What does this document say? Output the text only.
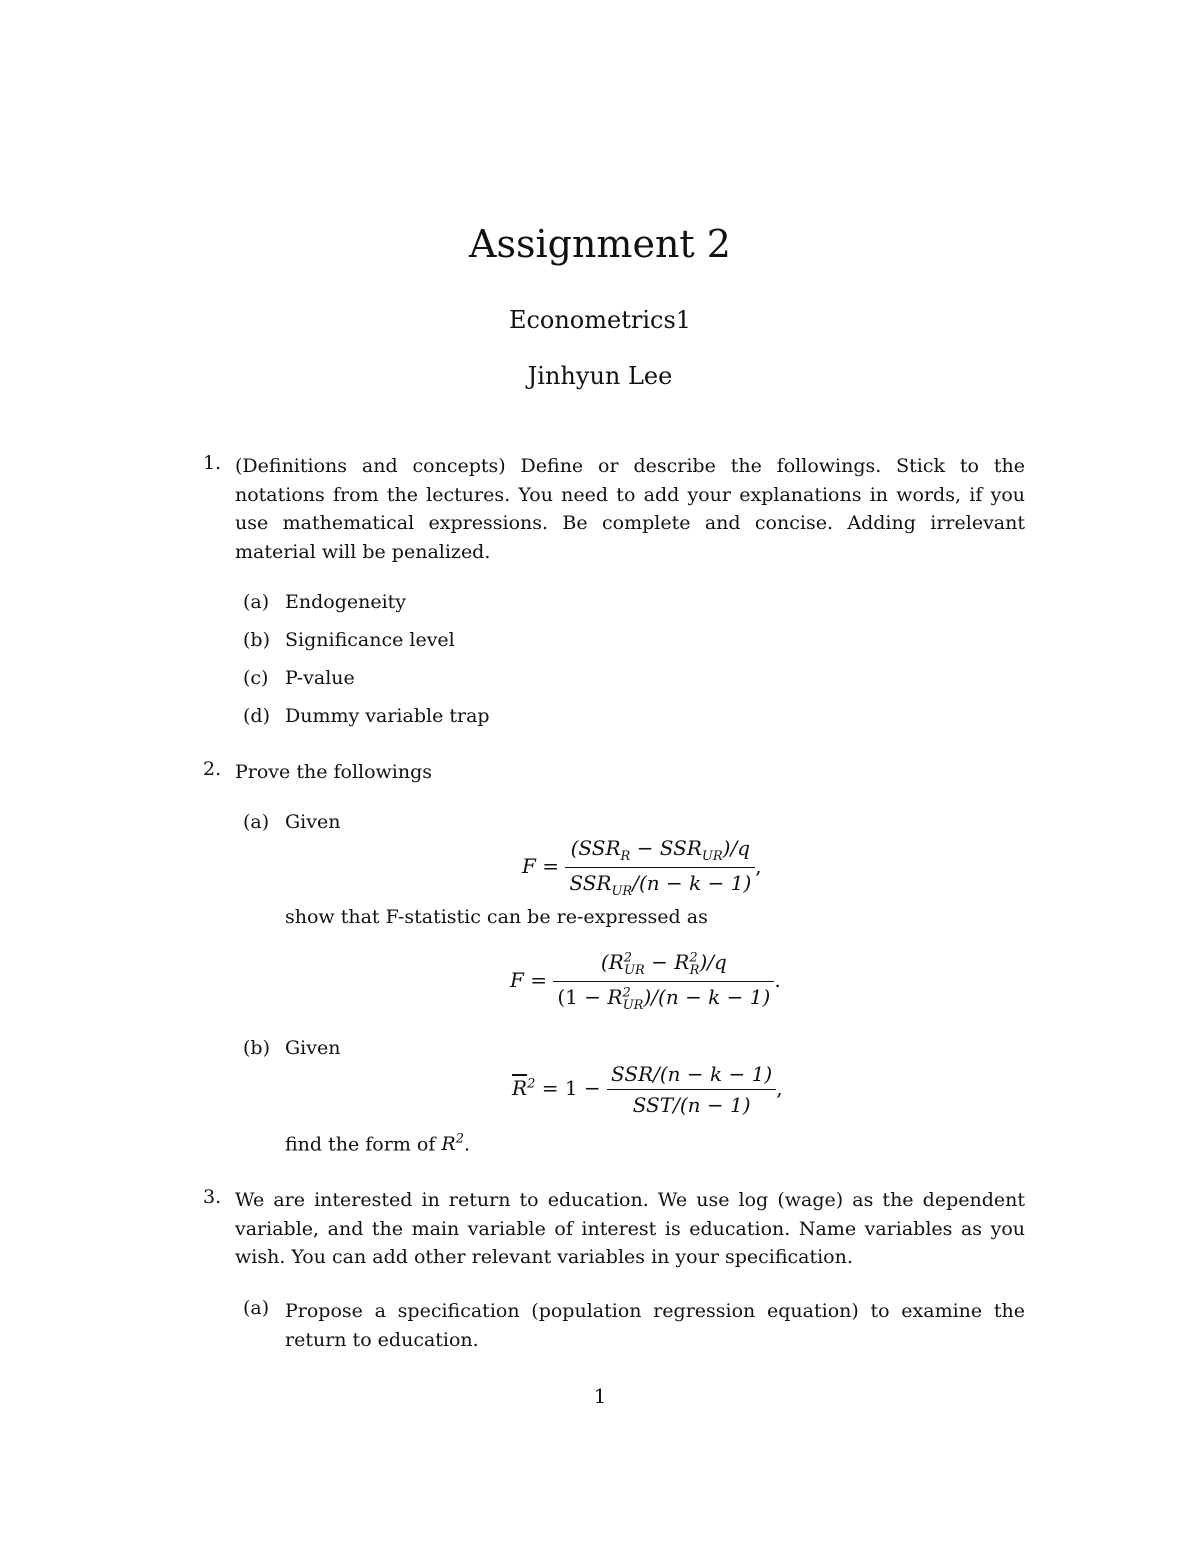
Assignment 2
Econometrics1
Jinhyun Lee
1. (Definitions and concepts) Define or describe the followings. Stick to the notations from the lectures. You need to add your explanations in words, if you use mathematical expressions. Be complete and concise. Adding irrelevant material will be penalized.
(a) Endogeneity
(b) Significance level
(c) P-value
(d) Dummy variable trap
2. Prove the followings
(a) Given
$F = \frac{(SSR_R - SSR_{UR})/q}{SSR_{UR}/(n - k - 1)}$ ,
show that F-statistic can be re-expressed as
$F = \frac{(R^2_{UR} - R^2_R)/q}{(1 - R^2_{UR})/(n - k - 1)}$ .
(b) Given
$\overline{R}^2 = 1 - \frac{\text{SSR/(n − k − 1)}}{\text{SST/(n − 1)}}$ ,
find the form of $R^2$.
3. We are interested in return to education. We use log (wage) as the dependent variable, and the main variable of interest is education. Name variables as you wish. You can add other relevant variables in your specification.
(a) Propose a specification (population regression equation) to examine the return to education.
1
